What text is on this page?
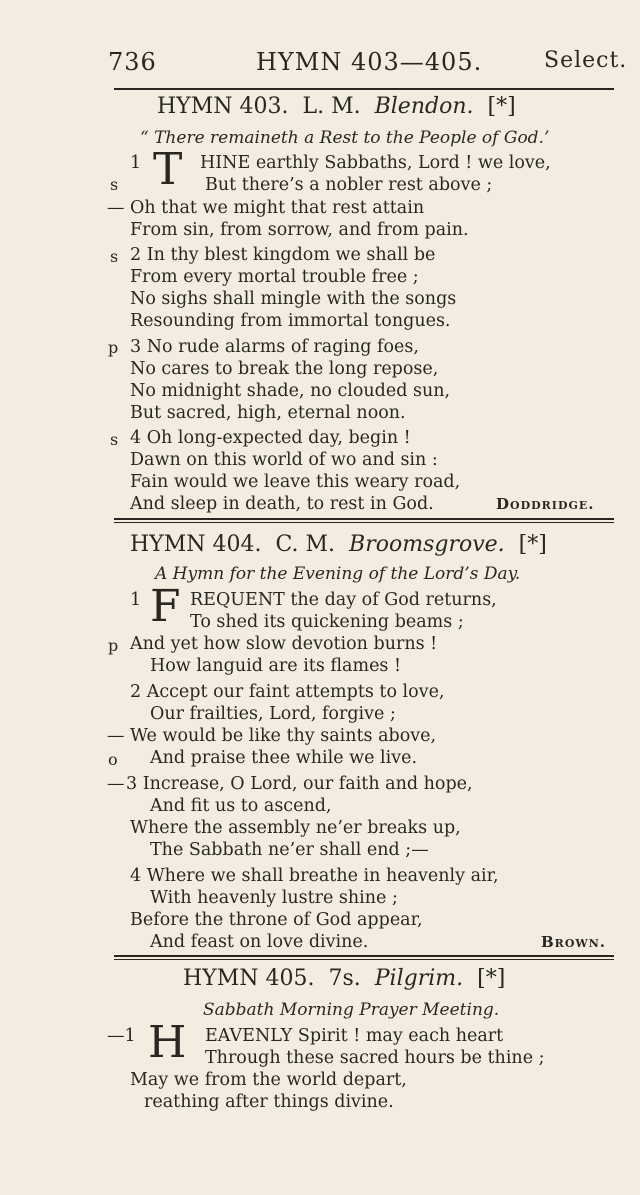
736	HYMN 403—405.	Select.
HYMN 403. L. M. Blendon. [*]
“ There remaineth a Rest to the People of God.’
1 T HINE earthly Sabbaths, Lord ! we love,
s	But there’s a nobler rest above ;
— Oh that we might that rest attain
From sin, from sorrow, and from pain.
s 2 In thy blest kingdom we shall be
From every mortal trouble free ;
No sighs shall mingle with the songs
Resounding from immortal tongues.
p 3 No rude alarms of raging foes,
No cares to break the long repose,
No midnight shade, no clouded sun,
But sacred, high, eternal noon.
s 4 Oh long-expected day, begin !
Dawn on this world of wo and sin :
Fain would we leave this weary road,
And sleep in death, to rest in God.	Doddridge.
HYMN 404. C. M. Broomsgrove. [*]
A Hymn for the Evening of the Lord’s Day.
1 F REQUENT the day of God returns,
To shed its quickening beams ;
p And yet how slow devotion burns !
How languid are its flames !
2 Accept our faint attempts to love,
Our frailties, Lord, forgive ;
— We would be like thy saints above,
o And praise thee while we live.
— 3 Increase, O Lord, our faith and hope,
And fit us to ascend,
Where the assembly ne’er breaks up,
The Sabbath ne’er shall end ;—
4 Where we shall breathe in heavenly air,
With heavenly lustre shine ;
Before the throne of God appear,
And feast on love divine.	Brown.
HYMN 405. 7s. Pilgrim. [*]
Sabbath Morning Prayer Meeting.
—1 H EAVENLY Spirit ! may each heart
Through these sacred hours be thine ;
May we from the world depart,
reathing after things divine.
